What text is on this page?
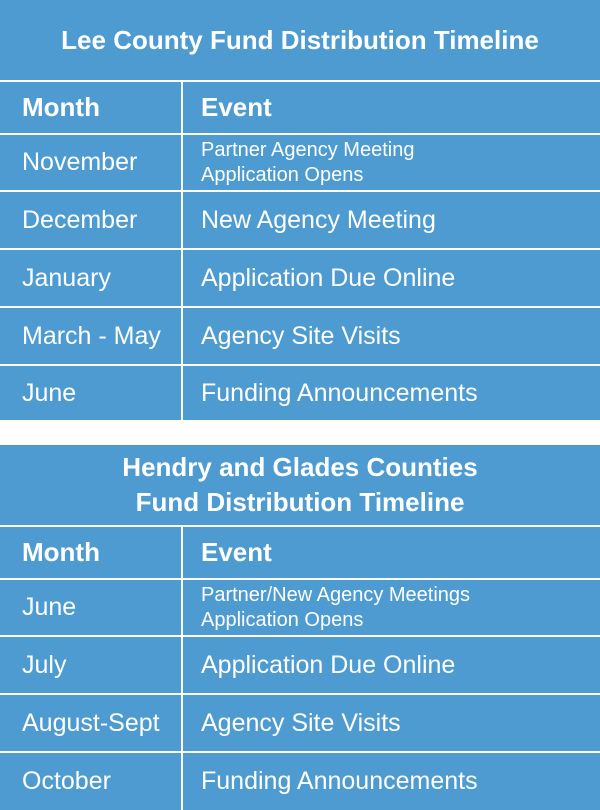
Lee County Fund Distribution Timeline
Month	Event
November	Partner Agency Meeting
Application Opens
December	New Agency Meeting
January	Application Due Online
March - May	Agency Site Visits
June	Funding Announcements
Hendry and Glades Counties
Fund Distribution Timeline
Month	Event
June	Partner/New Agency Meetings
Application Opens
July	Application Due Online
August-Sept	Agency Site Visits
October	Funding Announcements
